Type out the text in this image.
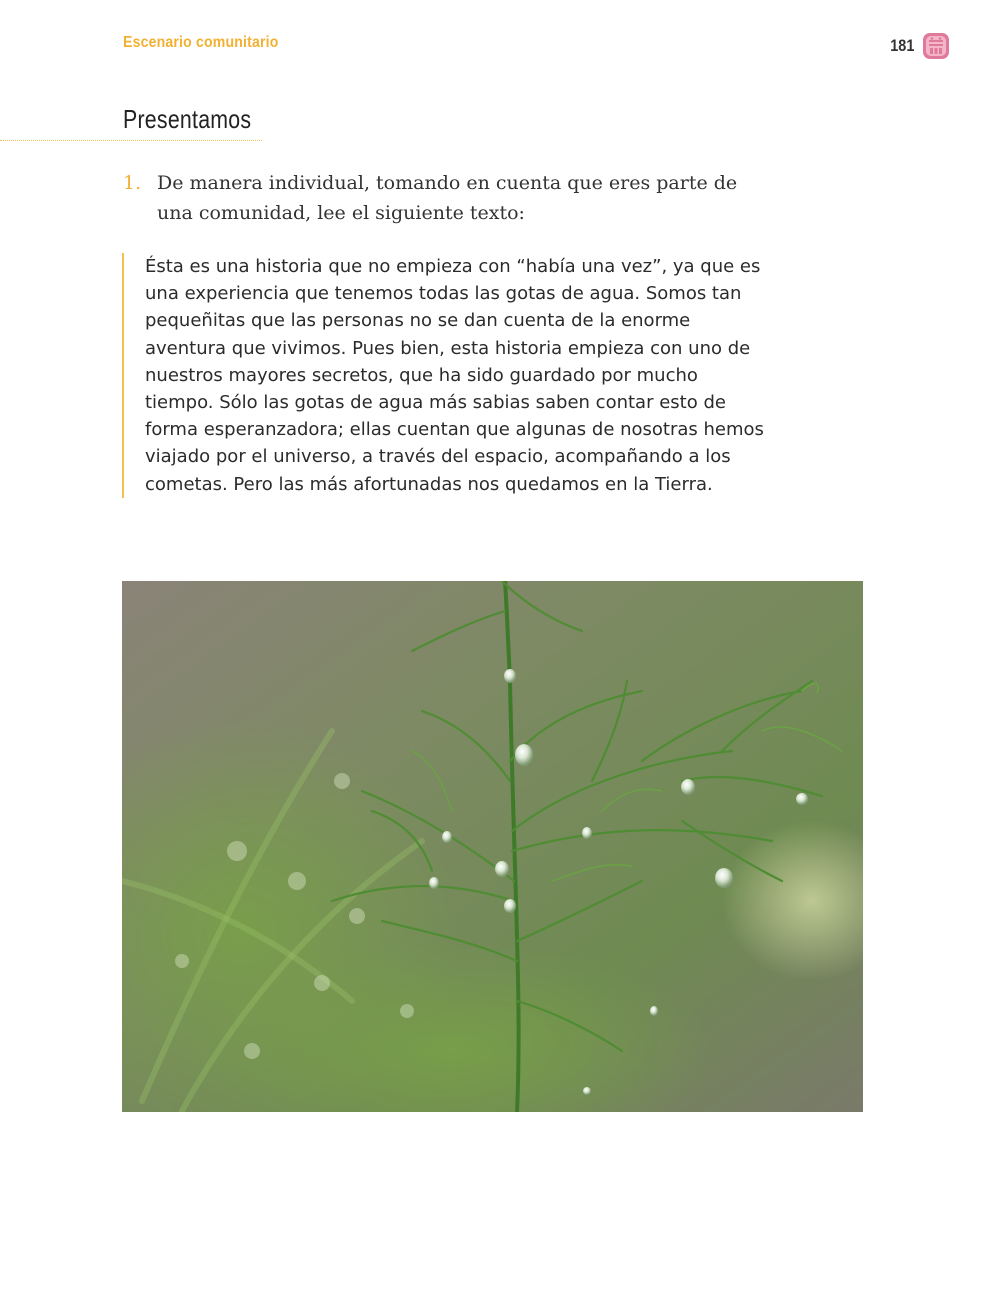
Escenario comunitario	181
Presentamos
1. De manera individual, tomando en cuenta que eres parte de una comunidad, lee el siguiente texto:
Ésta es una historia que no empieza con “había una vez”, ya que es una experiencia que tenemos todas las gotas de agua. Somos tan pequeñitas que las personas no se dan cuenta de la enorme aventura que vivimos. Pues bien, esta historia empieza con uno de nuestros mayores secretos, que ha sido guardado por mucho tiempo. Sólo las gotas de agua más sabias saben contar esto de forma esperanzadora; ellas cuentan que algunas de nosotras hemos viajado por el universo, a través del espacio, acompañando a los cometas. Pero las más afortunadas nos quedamos en la Tierra.
